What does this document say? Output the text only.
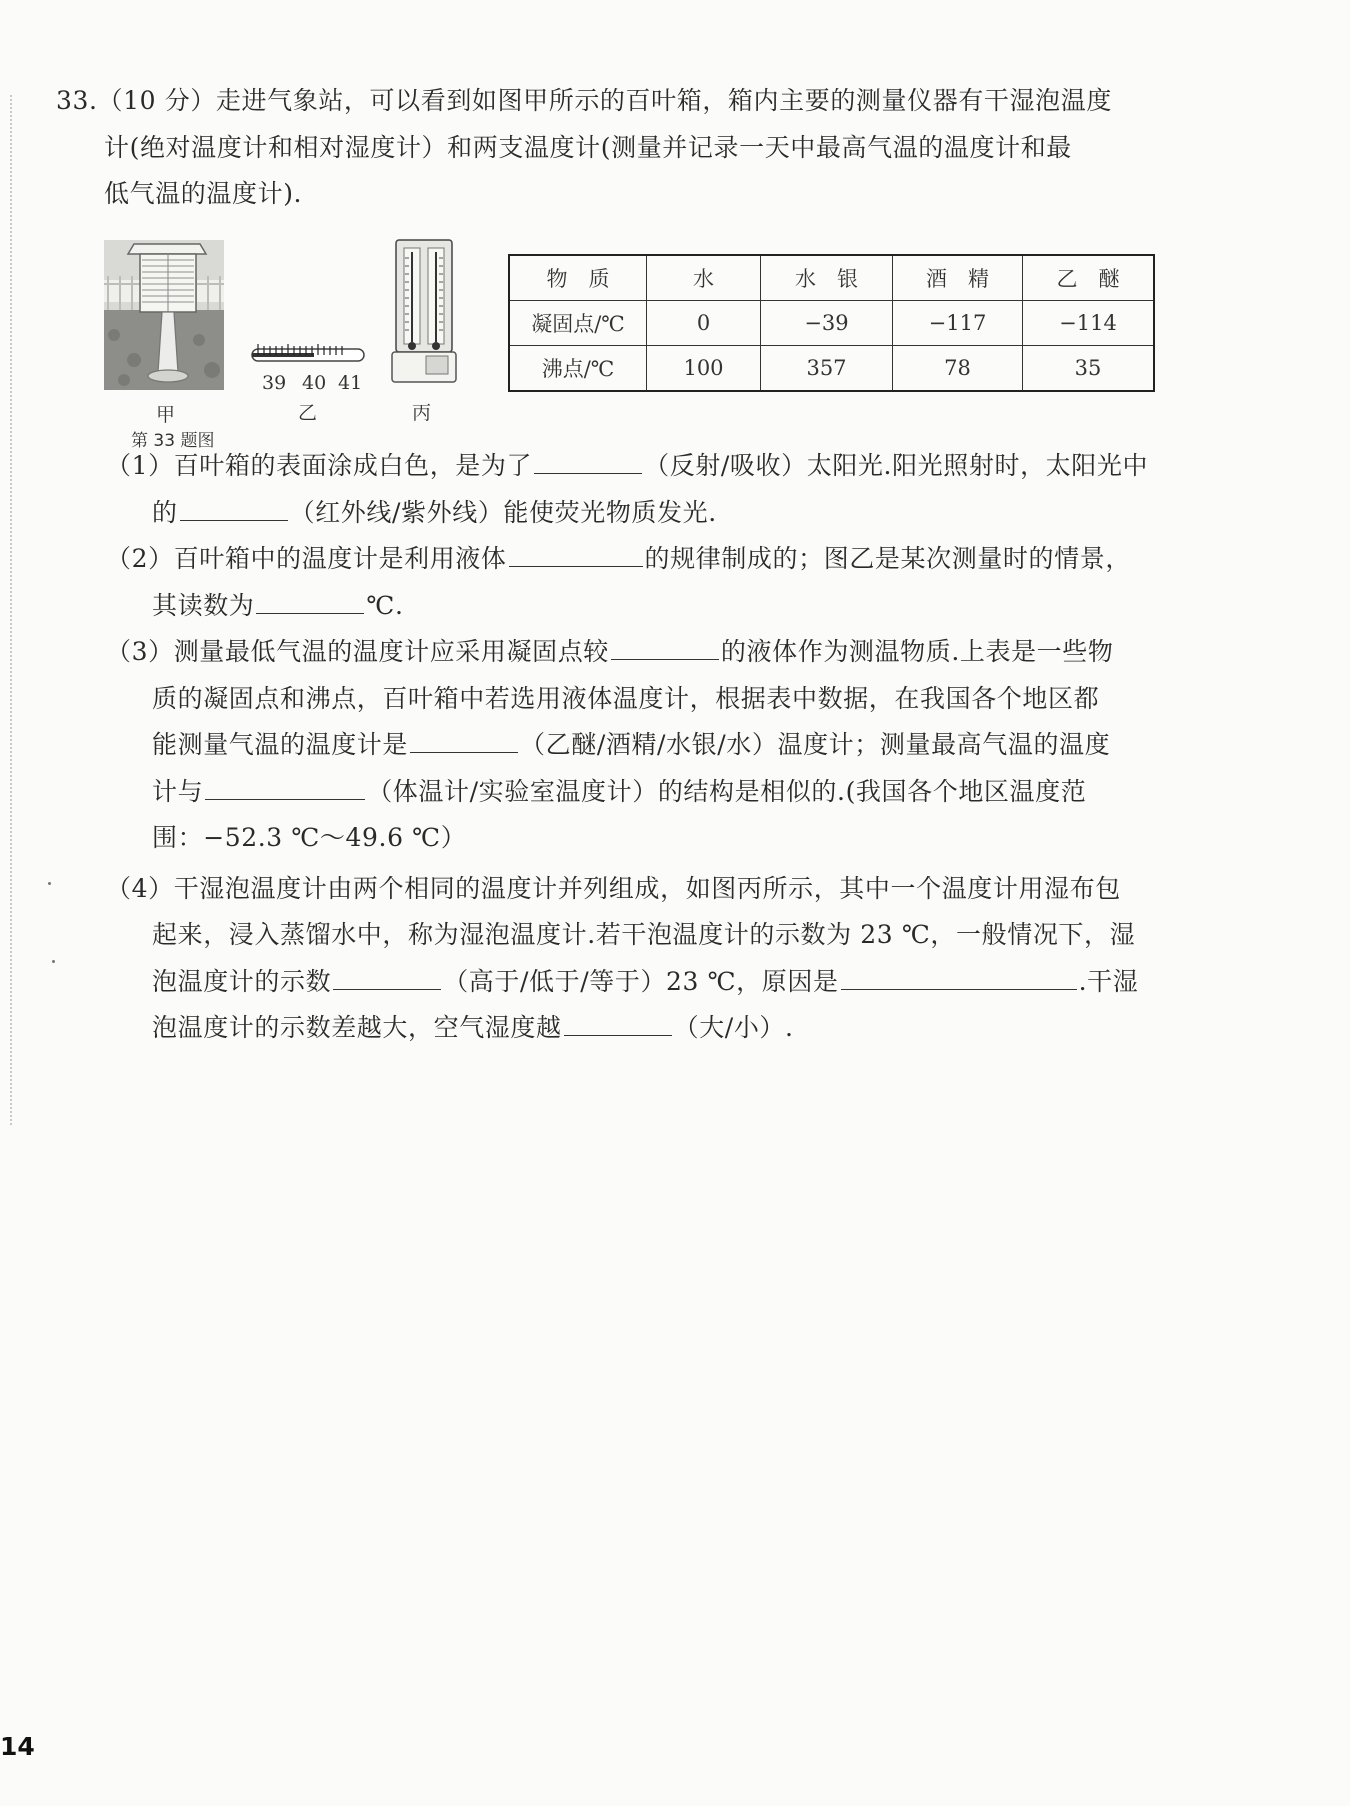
33.（10 分）走进气象站，可以看到如图甲所示的百叶箱，箱内主要的测量仪器有干湿泡温度
计(绝对温度计和相对湿度计）和两支温度计(测量并记录一天中最高气温的温度计和最
低气温的温度计).
甲
39 40 41
乙	丙
第 33 题图
物　质	水	水　银	酒　精	乙　醚
凝固点/℃	0	−39	−117	−114
沸点/℃	100	357	78	35
（1）百叶箱的表面涂成白色，是为了	（反射/吸收）太阳光.阳光照射时，太阳光中
的	（红外线/紫外线）能使荧光物质发光.
（2）百叶箱中的温度计是利用液体	的规律制成的；图乙是某次测量时的情景，
其读数为	℃.
（3）测量最低气温的温度计应采用凝固点较	的液体作为测温物质.上表是一些物
质的凝固点和沸点，百叶箱中若选用液体温度计，根据表中数据，在我国各个地区都
能测量气温的温度计是	（乙醚/酒精/水银/水）温度计；测量最高气温的温度
计与	（体温计/实验室温度计）的结构是相似的.(我国各个地区温度范
围：−52.3 ℃～49.6 ℃）
（4）干湿泡温度计由两个相同的温度计并列组成，如图丙所示，其中一个温度计用湿布包
起来，浸入蒸馏水中，称为湿泡温度计.若干泡温度计的示数为 23 ℃，一般情况下，湿
泡温度计的示数	（高于/低于/等于）23 ℃，原因是	.干湿
泡温度计的示数差越大，空气湿度越	（大/小）.
14
